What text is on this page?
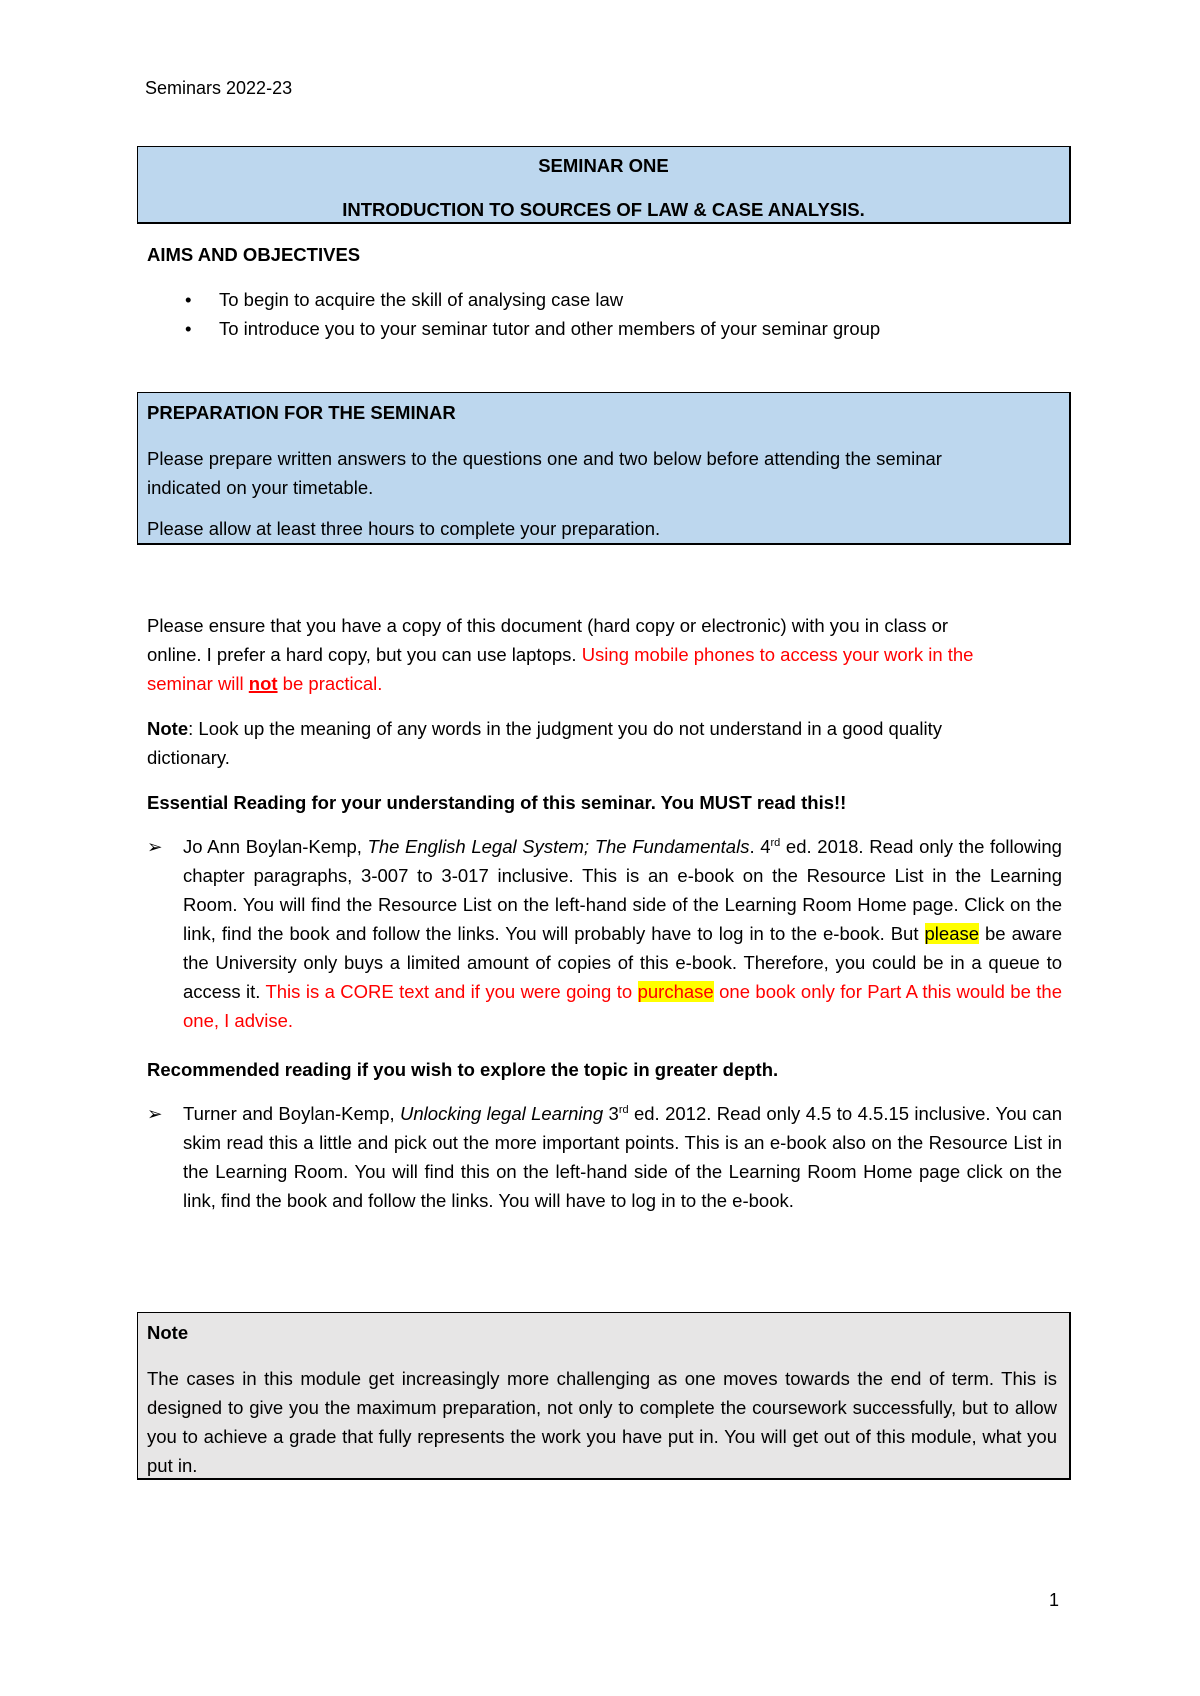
Seminars 2022-23
SEMINAR ONE
INTRODUCTION TO SOURCES OF LAW & CASE ANALYSIS.
AIMS AND OBJECTIVES
• To begin to acquire the skill of analysing case law
• To introduce you to your seminar tutor and other members of your seminar group
PREPARATION FOR THE SEMINAR
Please prepare written answers to the questions one and two below before attending the seminar
indicated on your timetable.
Please allow at least three hours to complete your preparation.
Please ensure that you have a copy of this document (hard copy or electronic) with you in class or
online. I prefer a hard copy, but you can use laptops. Using mobile phones to access your work in the
seminar will not be practical.
Note: Look up the meaning of any words in the judgment you do not understand in a good quality
dictionary.
Essential Reading for your understanding of this seminar. You MUST read this!!
➢ Jo Ann Boylan-Kemp, The English Legal System; The Fundamentals. 4rd ed. 2018. Read only the following chapter paragraphs, 3-007 to 3-017 inclusive. This is an e-book on the Resource List in the Learning Room. You will find the Resource List on the left-hand side of the Learning Room Home page. Click on the link, find the book and follow the links. You will probably have to log in to the e-book. But please be aware the University only buys a limited amount of copies of this e-book. Therefore, you could be in a queue to access it. This is a CORE text and if you were going to purchase one book only for Part A this would be the one, I advise.
Recommended reading if you wish to explore the topic in greater depth.
➢ Turner and Boylan-Kemp, Unlocking legal Learning 3rd ed. 2012. Read only 4.5 to 4.5.15 inclusive. You can skim read this a little and pick out the more important points. This is an e-book also on the Resource List in the Learning Room. You will find this on the left-hand side of the Learning Room Home page click on the link, find the book and follow the links. You will have to log in to the e-book.
Note
The cases in this module get increasingly more challenging as one moves towards the end of term. This is designed to give you the maximum preparation, not only to complete the coursework successfully, but to allow you to achieve a grade that fully represents the work you have put in. You will get out of this module, what you put in.
1
